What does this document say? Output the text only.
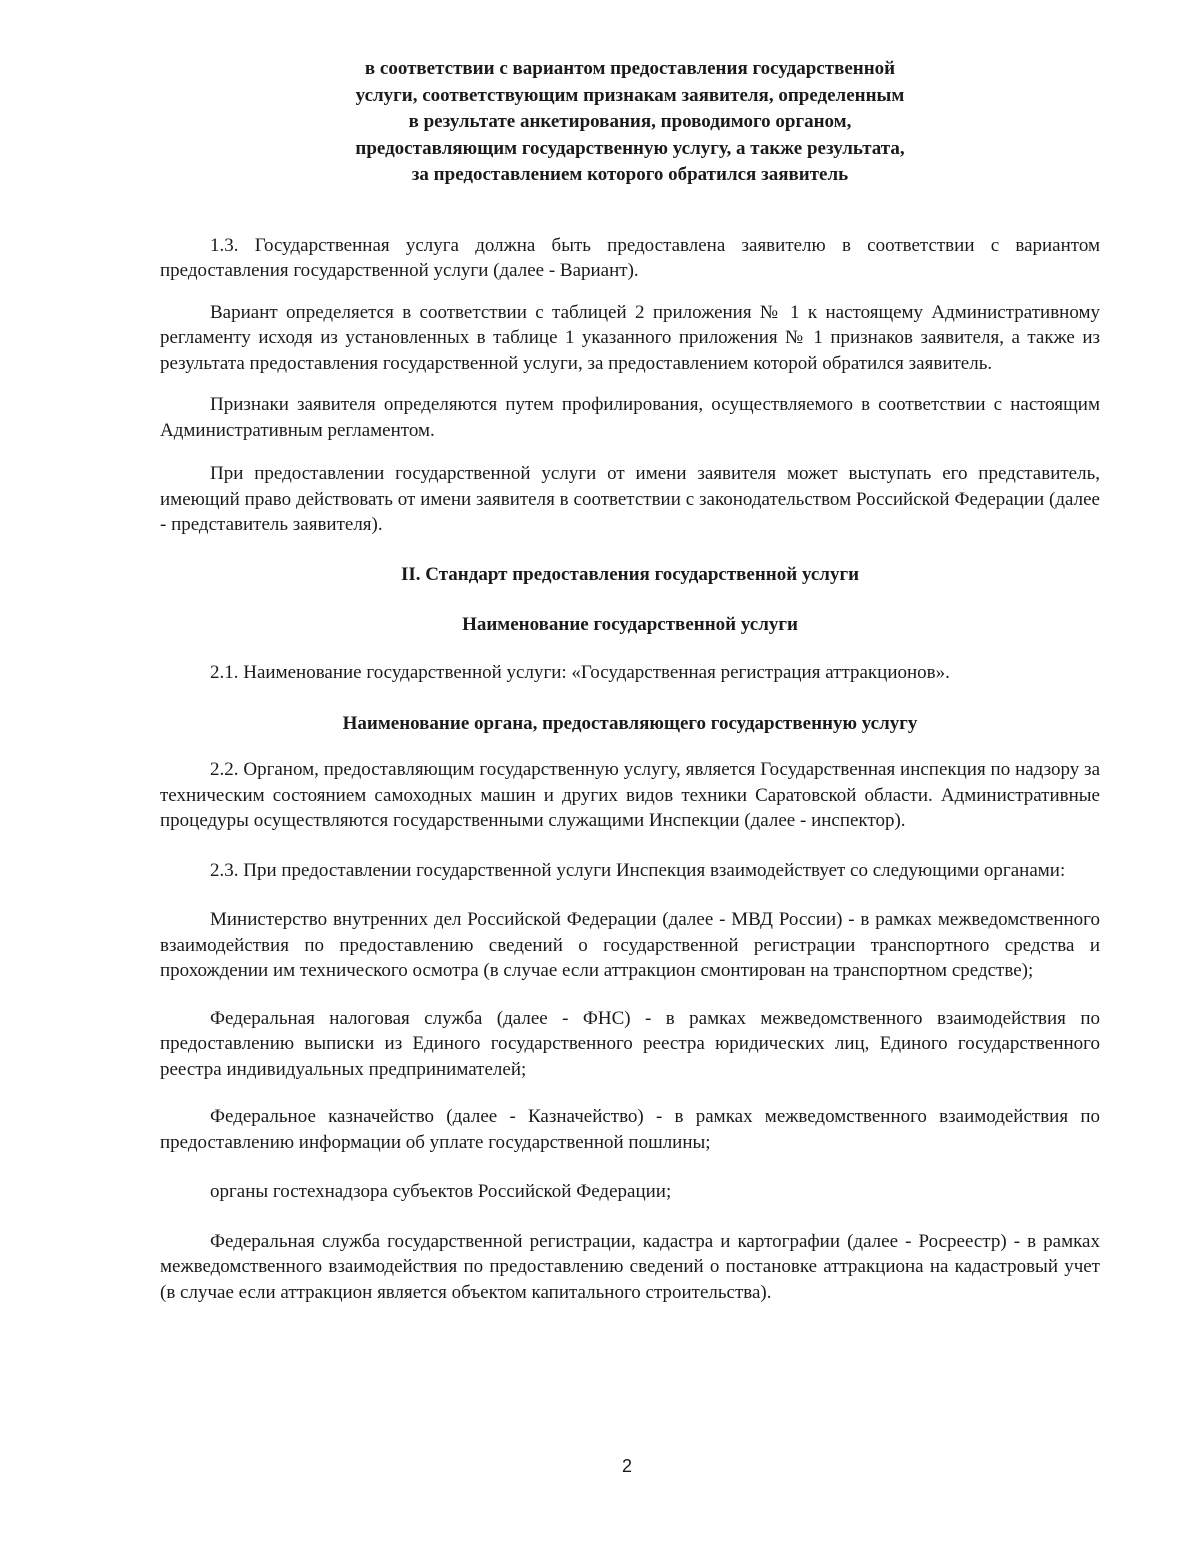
в соответствии с вариантом предоставления государственной
услуги, соответствующим признакам заявителя, определенным
в результате анкетирования, проводимого органом,
предоставляющим государственную услугу, а также результата,
за предоставлением которого обратился заявитель

1.3. Государственная услуга должна быть предоставлена заявителю в соответствии с вариантом предоставления государственной услуги (далее - Вариант).

Вариант определяется в соответствии с таблицей 2 приложения № 1 к настоящему Административному регламенту исходя из установленных в таблице 1 указанного приложения № 1 признаков заявителя, а также из результата предоставления государственной услуги, за предоставлением которой обратился заявитель.

Признаки заявителя определяются путем профилирования, осуществляемого в соответствии с настоящим Административным регламентом.

При предоставлении государственной услуги от имени заявителя может выступать его представитель, имеющий право действовать от имени заявителя в соответствии с законодательством Российской Федерации (далее - представитель заявителя).

II. Стандарт предоставления государственной услуги

Наименование государственной услуги

2.1. Наименование государственной услуги: «Государственная регистрация аттракционов».

Наименование органа, предоставляющего государственную услугу

2.2. Органом, предоставляющим государственную услугу, является Государственная инспекция по надзору за техническим состоянием самоходных машин и других видов техники Саратовской области. Административные процедуры осуществляются государственными служащими Инспекции (далее - инспектор).

2.3. При предоставлении государственной услуги Инспекция взаимодействует со следующими органами:

Министерство внутренних дел Российской Федерации (далее - МВД России) - в рамках межведомственного взаимодействия по предоставлению сведений о государственной регистрации транспортного средства и прохождении им технического осмотра (в случае если аттракцион смонтирован на транспортном средстве);

Федеральная налоговая служба (далее - ФНС) - в рамках межведомственного взаимодействия по предоставлению выписки из Единого государственного реестра юридических лиц, Единого государственного реестра индивидуальных предпринимателей;

Федеральное казначейство (далее - Казначейство) - в рамках межведомственного взаимодействия по предоставлению информации об уплате государственной пошлины;

органы гостехнадзора субъектов Российской Федерации;

Федеральная служба государственной регистрации, кадастра и картографии (далее - Росреестр) - в рамках межведомственного взаимодействия по предоставлению сведений о постановке аттракциона на кадастровый учет (в случае если аттракцион является объектом капитального строительства).

2
